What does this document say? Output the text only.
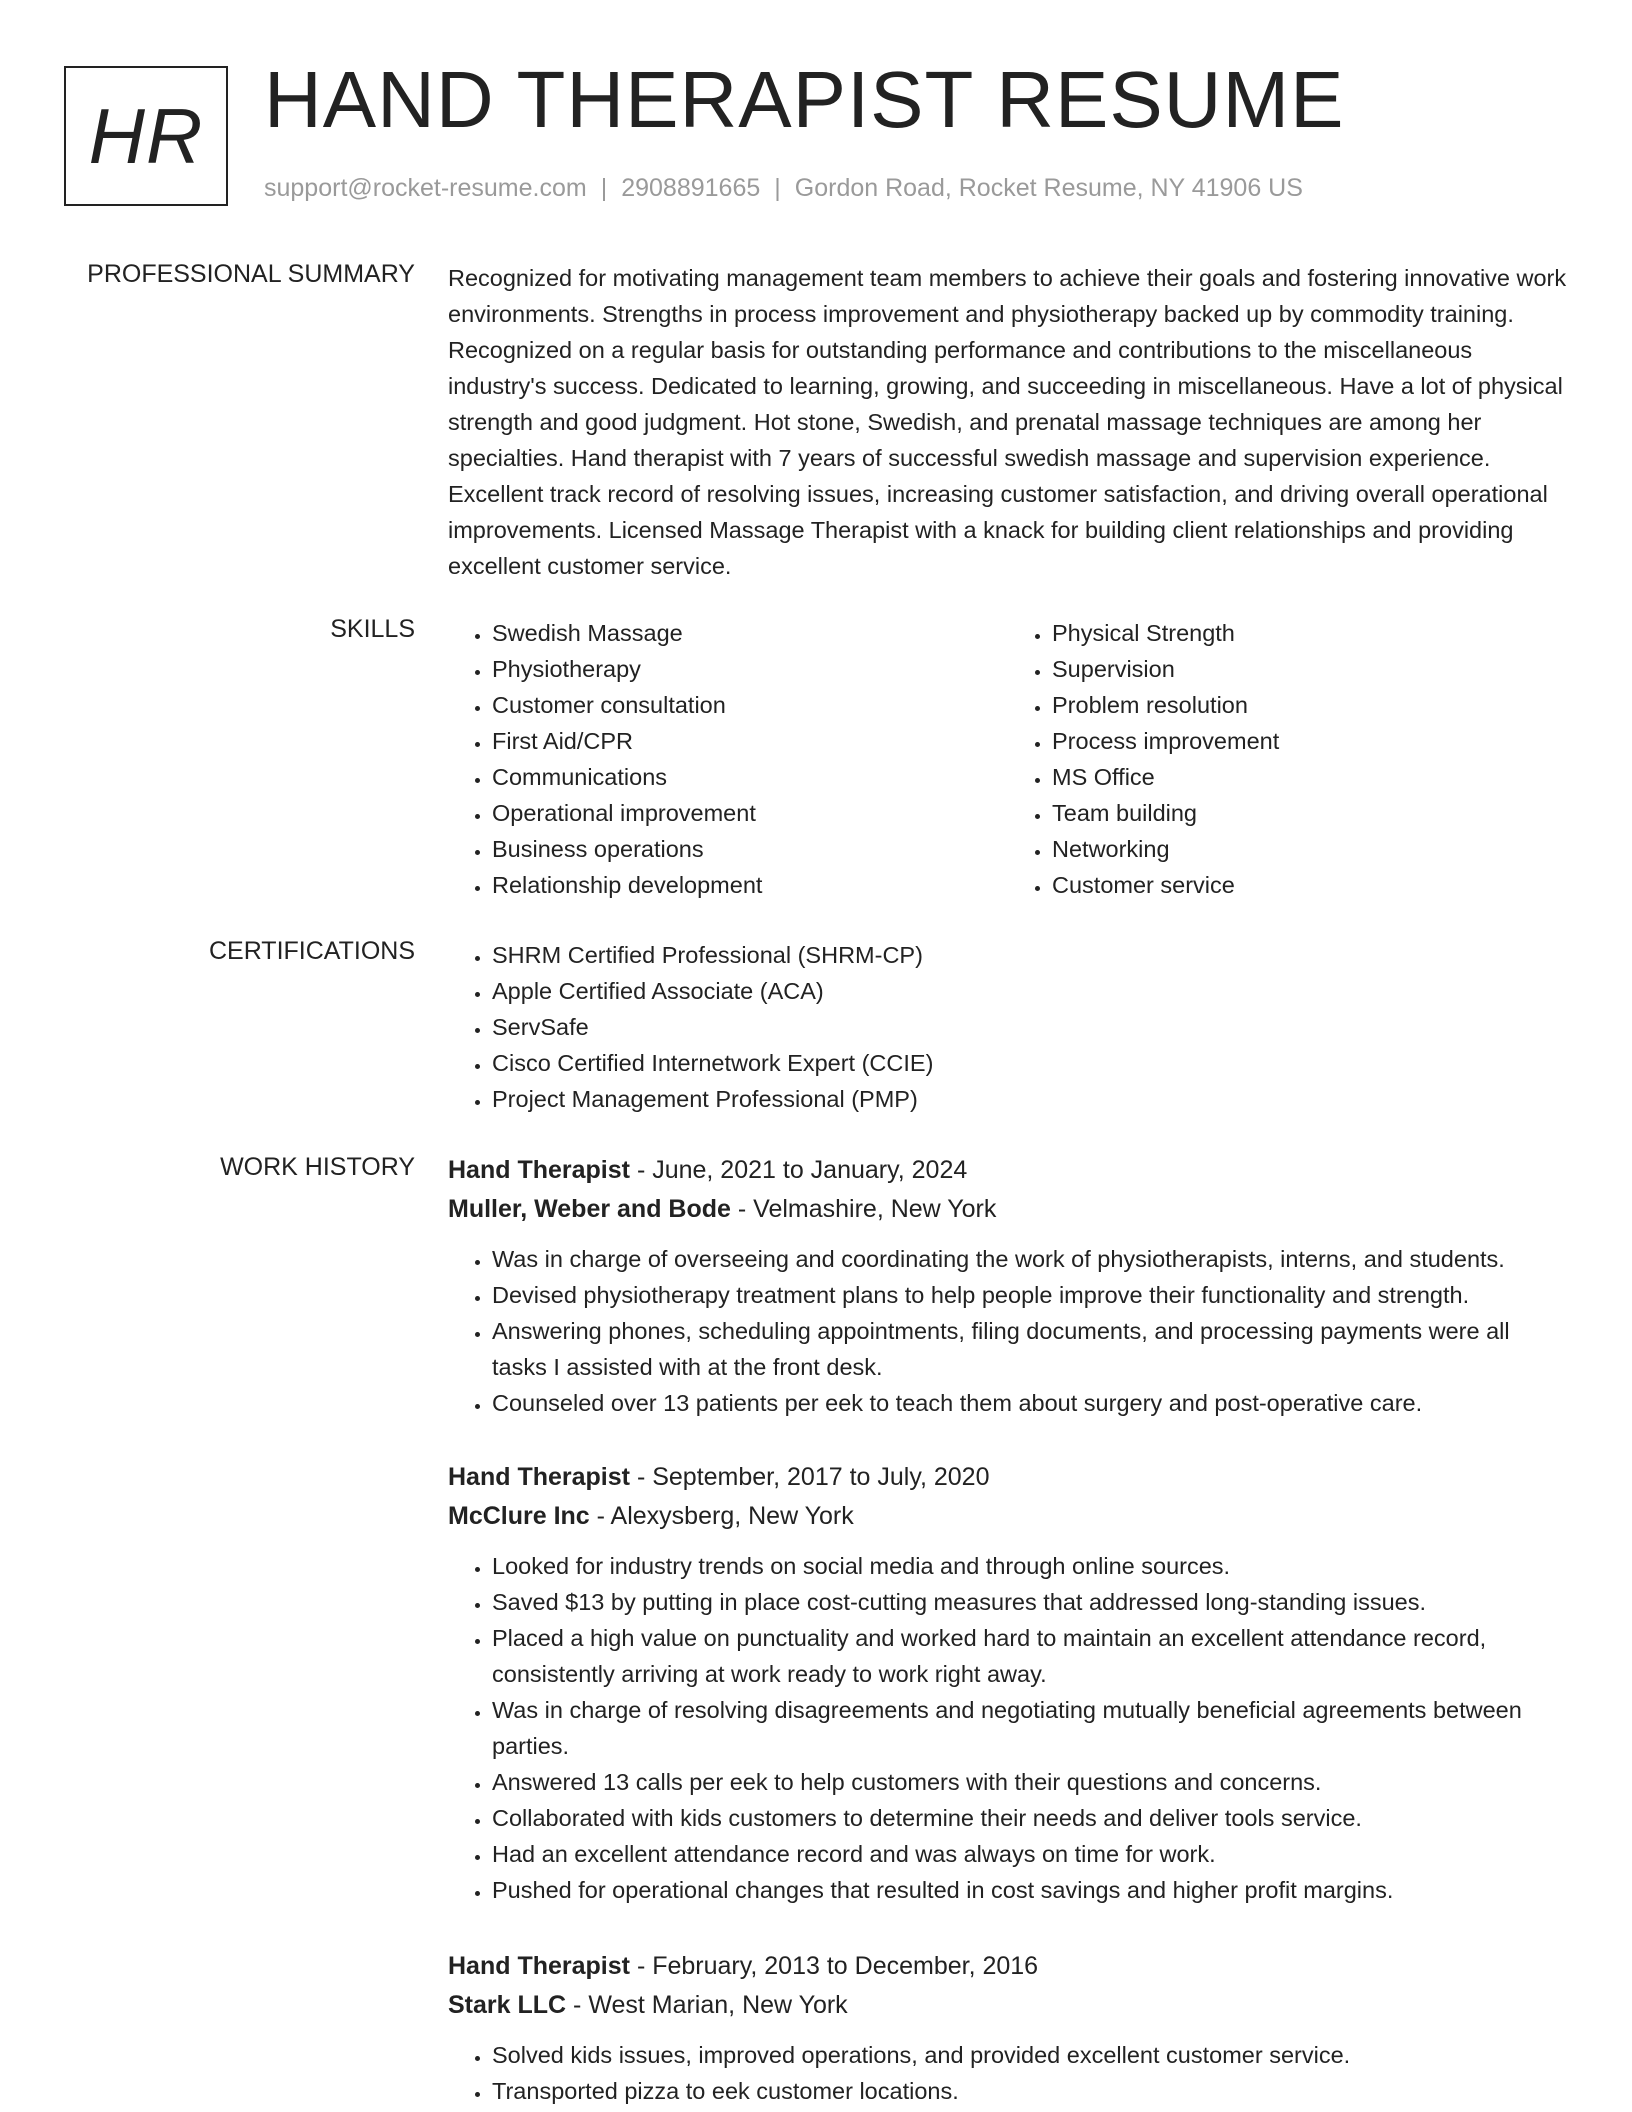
HR HAND THERAPIST RESUME
support@rocket-resume.com | 2908891665 | Gordon Road, Rocket Resume, NY 41906 US
PROFESSIONAL SUMMARY Recognized for motivating management team members to achieve their goals and fostering innovative work environments. Strengths in process improvement and physiotherapy backed up by commodity training. Recognized on a regular basis for outstanding performance and contributions to the miscellaneous industry's success. Dedicated to learning, growing, and succeeding in miscellaneous. Have a lot of physical strength and good judgment. Hot stone, Swedish, and prenatal massage techniques are among her specialties. Hand therapist with 7 years of successful swedish massage and supervision experience. Excellent track record of resolving issues, increasing customer satisfaction, and driving overall operational improvements. Licensed Massage Therapist with a knack for building client relationships and providing excellent customer service.

SKILLS	• Swedish Massage
• Physiotherapy
• Customer consultation
• First Aid/CPR
• Communications
• Operational improvement
• Business operations
• Relationship development
• Physical Strength
• Supervision
• Problem resolution
• Process improvement
• MS Office
• Team building
• Networking
• Customer service
CERTIFICATIONS	• SHRM Certified Professional (SHRM-CP)
• Apple Certified Associate (ACA)
• ServSafe
• Cisco Certified Internetwork Expert (CCIE)
• Project Management Professional (PMP)
WORK HISTORY Hand Therapist - June, 2021 to January, 2024
Muller, Weber and Bode - Velmashire, New York
• Was in charge of overseeing and coordinating the work of physiotherapists, interns, and students.
• Devised physiotherapy treatment plans to help people improve their functionality and strength.
• Answering phones, scheduling appointments, filing documents, and processing payments were all tasks I assisted with at the front desk.
• Counseled over 13 patients per eek to teach them about surgery and post-operative care.
Hand Therapist - September, 2017 to July, 2020
McClure Inc - Alexysberg, New York
• Looked for industry trends on social media and through online sources.
• Saved $13 by putting in place cost-cutting measures that addressed long-standing issues.
• Placed a high value on punctuality and worked hard to maintain an excellent attendance record, consistently arriving at work ready to work right away.
• Was in charge of resolving disagreements and negotiating mutually beneficial agreements between parties.
• Answered 13 calls per eek to help customers with their questions and concerns.
• Collaborated with kids customers to determine their needs and deliver tools service.
• Had an excellent attendance record and was always on time for work.
• Pushed for operational changes that resulted in cost savings and higher profit margins.
Hand Therapist - February, 2013 to December, 2016
Stark LLC - West Marian, New York
• Solved kids issues, improved operations, and provided excellent customer service.
• Transported pizza to eek customer locations.
